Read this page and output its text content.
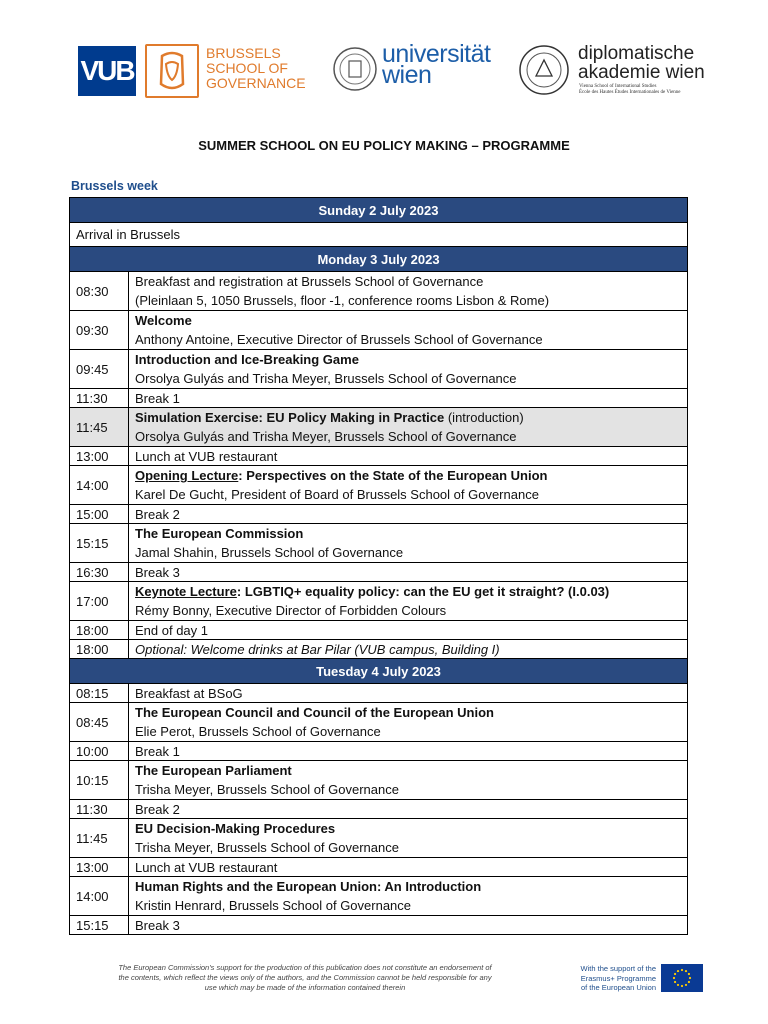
VUB
BRUSSELS
SCHOOL OF
GOVERNANCE
universität
wien
diplomatische
akademie wien
Vienna School of International Studies
École des Hautes Études Internationales de Vienne
SUMMER SCHOOL ON EU POLICY MAKING – PROGRAMME
Brussels week
Sunday 2 July 2023	
Arrival in Brussels	
Monday 3 July 2023	
08:30	Breakfast and registration at Brussels School of Governance
(Pleinlaan 5, 1050 Brussels, floor -1, conference rooms Lisbon & Rome)

09:30	Welcome
Anthony Antoine, Executive Director of Brussels School of Governance

09:45	Introduction and Ice-Breaking Game
Orsolya Gulyás and Trisha Meyer, Brussels School of Governance

11:30	Break 1

11:45	Simulation Exercise: EU Policy Making in Practice (introduction)
Orsolya Gulyás and Trisha Meyer, Brussels School of Governance

13:00	Lunch at VUB restaurant

14:00	Opening Lecture: Perspectives on the State of the European Union
Karel De Gucht, President of Board of Brussels School of Governance

15:00	Break 2

15:15	The European Commission
Jamal Shahin, Brussels School of Governance

16:30	Break 3

17:00	Keynote Lecture: LGBTIQ+ equality policy: can the EU get it straight? (I.0.03)
Rémy Bonny, Executive Director of Forbidden Colours

18:00	End of day 1

18:00	Optional: Welcome drinks at Bar Pilar (VUB campus, Building I)

Tuesday 4 July 2023	
08:15	Breakfast at BSoG

08:45	The European Council and Council of the European Union
Elie Perot, Brussels School of Governance

10:00	Break 1

10:15	The European Parliament
Trisha Meyer, Brussels School of Governance

11:30	Break 2

11:45	EU Decision-Making Procedures
Trisha Meyer, Brussels School of Governance

13:00	Lunch at VUB restaurant

14:00	Human Rights and the European Union: An Introduction
Kristin Henrard, Brussels School of Governance

15:15	Break 3
The European Commission's support for the production of this publication does not constitute an endorsement of the contents, which reflect the views only of the authors, and the Commission cannot be held responsible for any use which may be made of the information contained therein
With the support of the
Erasmus+ Programme
of the European Union
